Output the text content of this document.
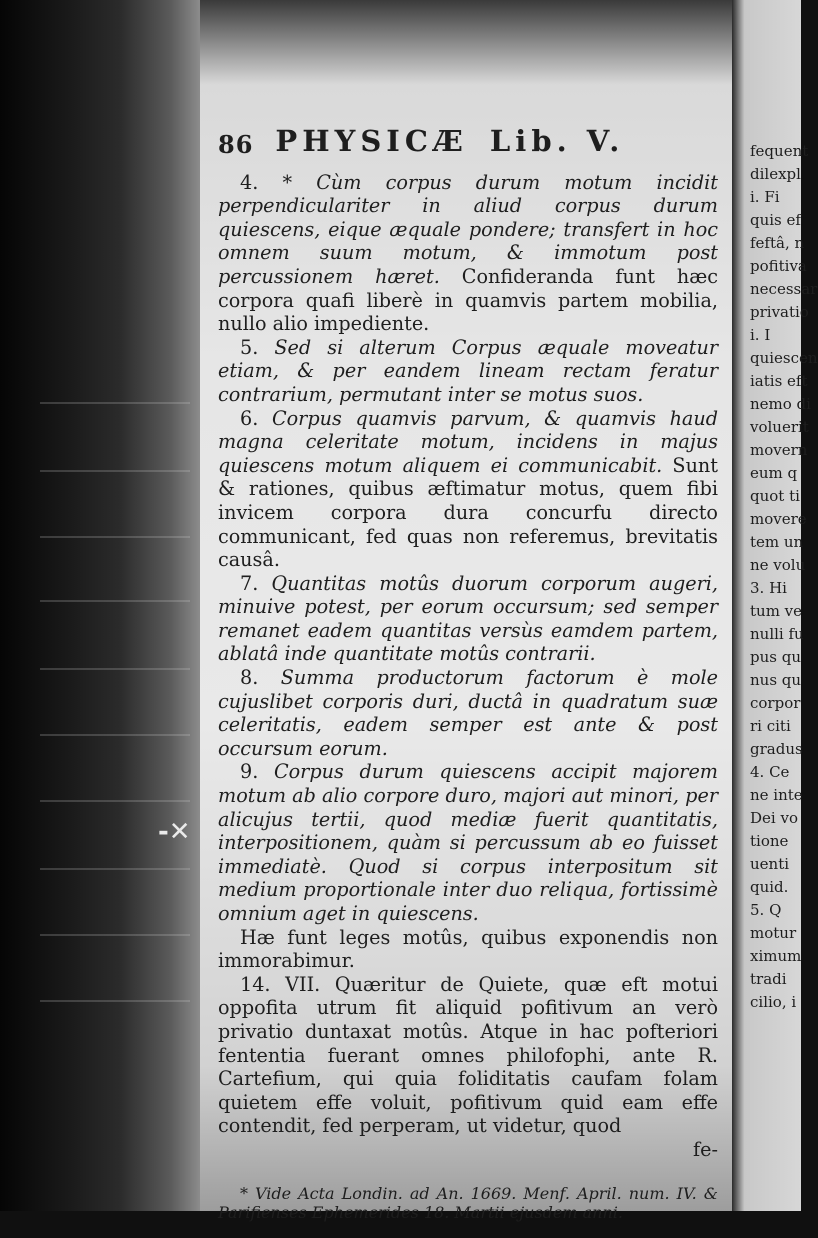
-✕
86 PHYSICÆ Lib. V.

4. * Cùm corpus durum motum incidit perpendiculariter in aliud corpus durum quiescens, eique æquale pondere; transfert in hoc omnem suum motum, & immotum post percussionem hæret. Confideranda funt hæc corpora quafi liberè in quamvis partem mobilia, nullo alio impediente.

5. Sed si alterum Corpus æquale moveatur etiam, & per eandem lineam rectam feratur contrarium, permutant inter se motus suos.

6. Corpus quamvis parvum, & quamvis haud magna celeritate motum, incidens in majus quiescens motum aliquem ei communicabit. Sunt & rationes, quibus æftimatur motus, quem fibi invicem corpora dura concurfu directo communicant, fed quas non referemus, brevitatis causâ.

7. Quantitas motûs duorum corporum augeri, minuive potest, per eorum occursum; sed semper remanet eadem quantitas versùs eamdem partem, ablatâ inde quantitate motûs contrarii.

8. Summa productorum factorum è mole cujuslibet corporis duri, ductâ in quadratum suæ celeritatis, eadem semper est ante & post occursum eorum.

9. Corpus durum quiescens accipit majorem motum ab alio corpore duro, majori aut minori, per alicujus tertii, quod mediæ fuerit quantitatis, interpositionem, quàm si percussum ab eo fuisset immediatè. Quod si corpus interpositum sit medium proportionale inter duo reliqua, fortissimè omnium aget in quiescens.

Hæ funt leges motûs, quibus exponendis non immorabimur.

14. VII. Quæritur de Quiete, quæ eft motui oppofita utrum fit aliquid pofitivum an verò privatio duntaxat motûs. Atque in hac pofteriori fententia fuerant omnes philofophi, ante R. Cartefium, qui quia foliditatis caufam folam quietem effe voluit, pofitivum quid eam effe contendit, fed perperam, ut videtur, quod

fe-

* Vide Acta Londin. ad An. 1669. Menf. April. num. IV. & Parifienses Ephemerides 18. Martii ejusdem anni.

fequent
dilexpl
i. Fi
quis ef
feftâ, n
pofitiva
necessar
privatio
i. I
quiescen
iatis eft
nemo di
voluerit
movern
eum q
quot ti
movere
tem un
ne volu
3. Hi
tum ve
nulli fu
pus qu
nus qu
corpor
ri citi
gradus
4. Ce
ne inte
Dei vo
tione
uenti
quid.
5. Q
motur
ximum
tradi
cilio, i
